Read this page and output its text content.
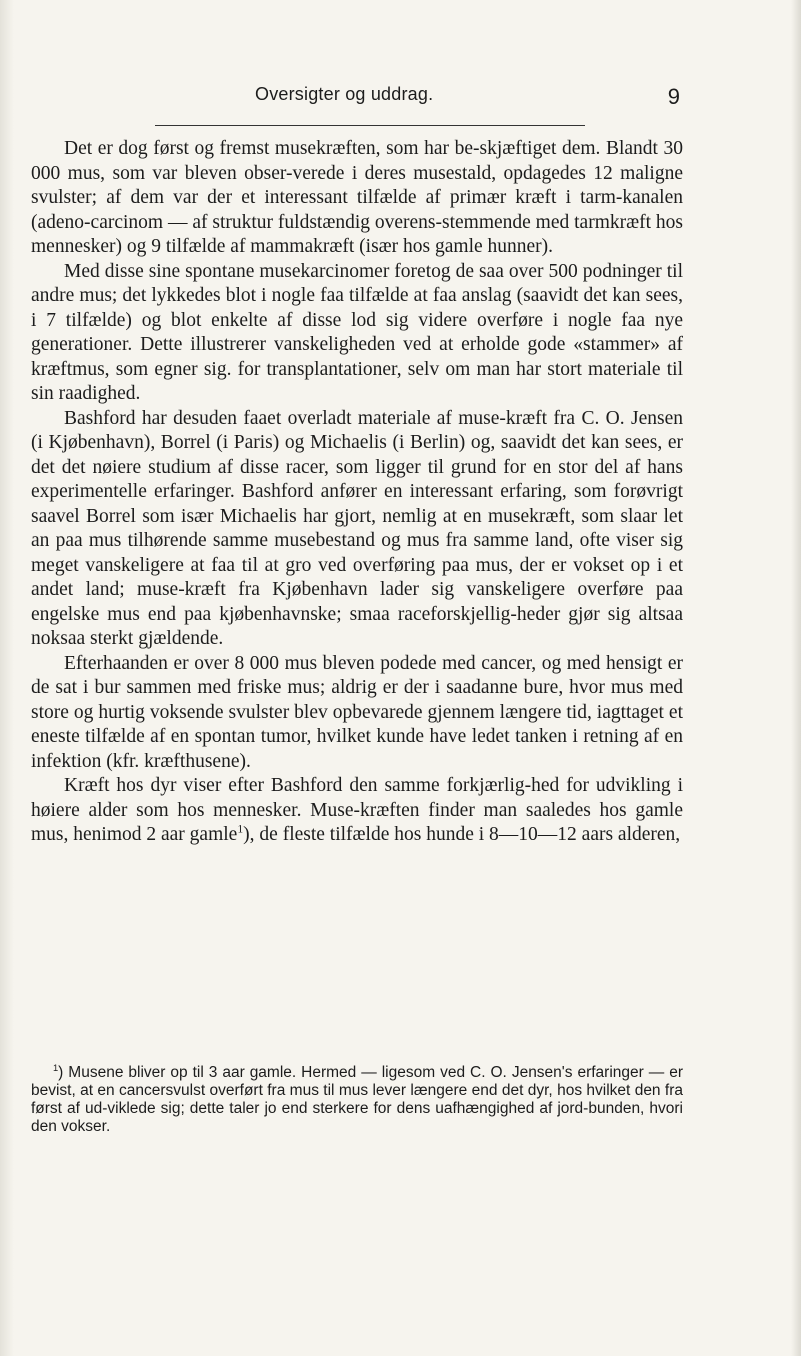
Oversigter og uddrag.	9

Det er dog først og fremst musekræften, som har be-skjæftiget dem. Blandt 30 000 mus, som var bleven obser-verede i deres musestald, opdagedes 12 maligne svulster; af dem var der et interessant tilfælde af primær kræft i tarm-kanalen (adeno-carcinom — af struktur fuldstændig overens-stemmende med tarmkræft hos mennesker) og 9 tilfælde af mammakræft (især hos gamle hunner).

Med disse sine spontane musekarcinomer foretog de saa over 500 podninger til andre mus; det lykkedes blot i nogle faa tilfælde at faa anslag (saavidt det kan sees, i 7 tilfælde) og blot enkelte af disse lod sig videre overføre i nogle faa nye generationer. Dette illustrerer vanskeligheden ved at erholde gode «stammer» af kræftmus, som egner sig. for transplantationer, selv om man har stort materiale til sin raadighed.

Bashford har desuden faaet overladt materiale af muse-kræft fra C. O. Jensen (i Kjøbenhavn), Borrel (i Paris) og Michaelis (i Berlin) og, saavidt det kan sees, er det det nøiere studium af disse racer, som ligger til grund for en stor del af hans experimentelle erfaringer. Bashford anfører en interessant erfaring, som forøvrigt saavel Borrel som især Michaelis har gjort, nemlig at en musekræft, som slaar let an paa mus tilhørende samme musebestand og mus fra samme land, ofte viser sig meget vanskeligere at faa til at gro ved overføring paa mus, der er vokset op i et andet land; muse-kræft fra Kjøbenhavn lader sig vanskeligere overføre paa engelske mus end paa kjøbenhavnske; smaa raceforskjellig-heder gjør sig altsaa noksaa sterkt gjældende.

Efterhaanden er over 8 000 mus bleven podede med cancer, og med hensigt er de sat i bur sammen med friske mus; aldrig er der i saadanne bure, hvor mus med store og hurtig voksende svulster blev opbevarede gjennem længere tid, iagttaget et eneste tilfælde af en spontan tumor, hvilket kunde have ledet tanken i retning af en infektion (kfr. kræfthusene).

Kræft hos dyr viser efter Bashford den samme forkjærlig-hed for udvikling i høiere alder som hos mennesker. Muse-kræften finder man saaledes hos gamle mus, henimod 2 aar gamle$^1$), de fleste tilfælde hos hunde i 8—10—12 aars alderen,

$^1$) Musene bliver op til 3 aar gamle. Hermed — ligesom ved C. O. Jensen's erfaringer — er bevist, at en cancersvulst overført fra mus til mus lever længere end det dyr, hos hvilket den fra først af ud-viklede sig; dette taler jo end sterkere for dens uafhængighed af jord-bunden, hvori den vokser.
